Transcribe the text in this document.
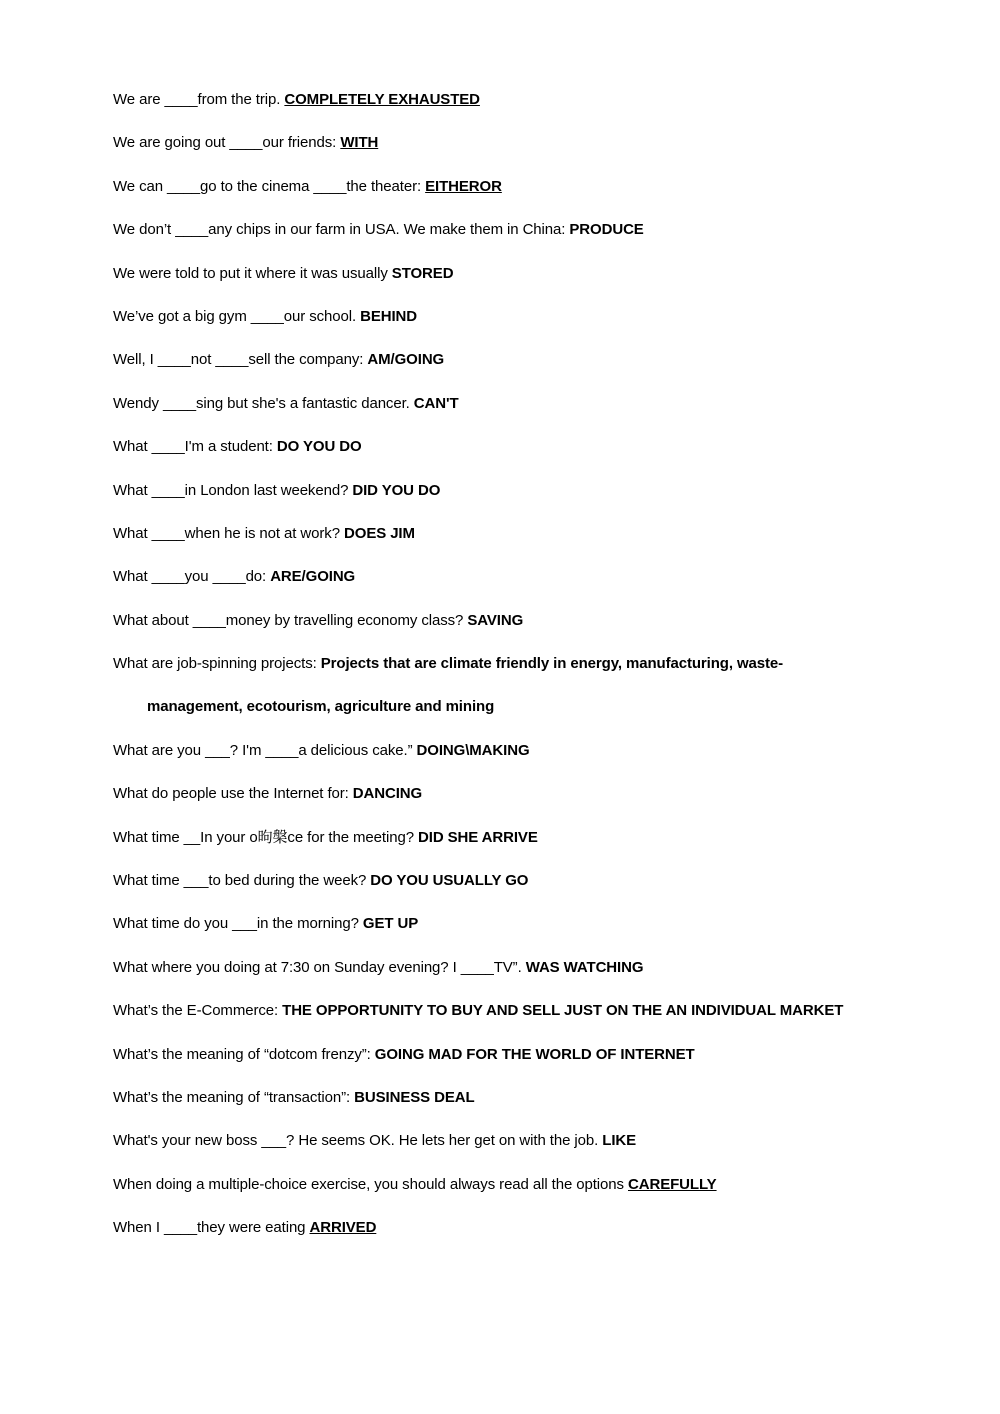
We are ____from the trip. COMPLETELY EXHAUSTED
We are going out ____our friends: WITH
We can ____go to the cinema ____the theater: EITHEROR
We don’t ____any chips in our farm in USA. We make them in China: PRODUCE
We were told to put it where it was usually STORED
We’ve got a big gym ____our school. BEHIND
Well, I ____not ____sell the company: AM/GOING
Wendy ____sing but she's a fantastic dancer. CAN'T
What ____I'm a student: DO YOU DO
What ____in London last weekend? DID YOU DO
What ____when he is not at work? DOES JIM
What ____you ____do: ARE/GOING
What about ____money by travelling economy class? SAVING
What are job-spinning projects: Projects that are climate friendly in energy, manufacturing, waste-
management, ecotourism, agriculture and mining
What are you ___? I'm ____a delicious cake.” DOING\MAKING
What do people use the Internet for: DANCING
What time __In your o昫槃ce for the meeting? DID SHE ARRIVE
What time ___to bed during the week? DO YOU USUALLY GO
What time do you ___in the morning? GET UP
What where you doing at 7:30 on Sunday evening? I ____TV”. WAS WATCHING
What’s the E-Commerce: THE OPPORTUNITY TO BUY AND SELL JUST ON THE AN INDIVIDUAL MARKET
What’s the meaning of “dotcom frenzy”: GOING MAD FOR THE WORLD OF INTERNET
What’s the meaning of “transaction”: BUSINESS DEAL
What's your new boss ___? He seems OK. He lets her get on with the job. LIKE
When doing a multiple-choice exercise, you should always read all the options CAREFULLY
When I ____they were eating ARRIVED
